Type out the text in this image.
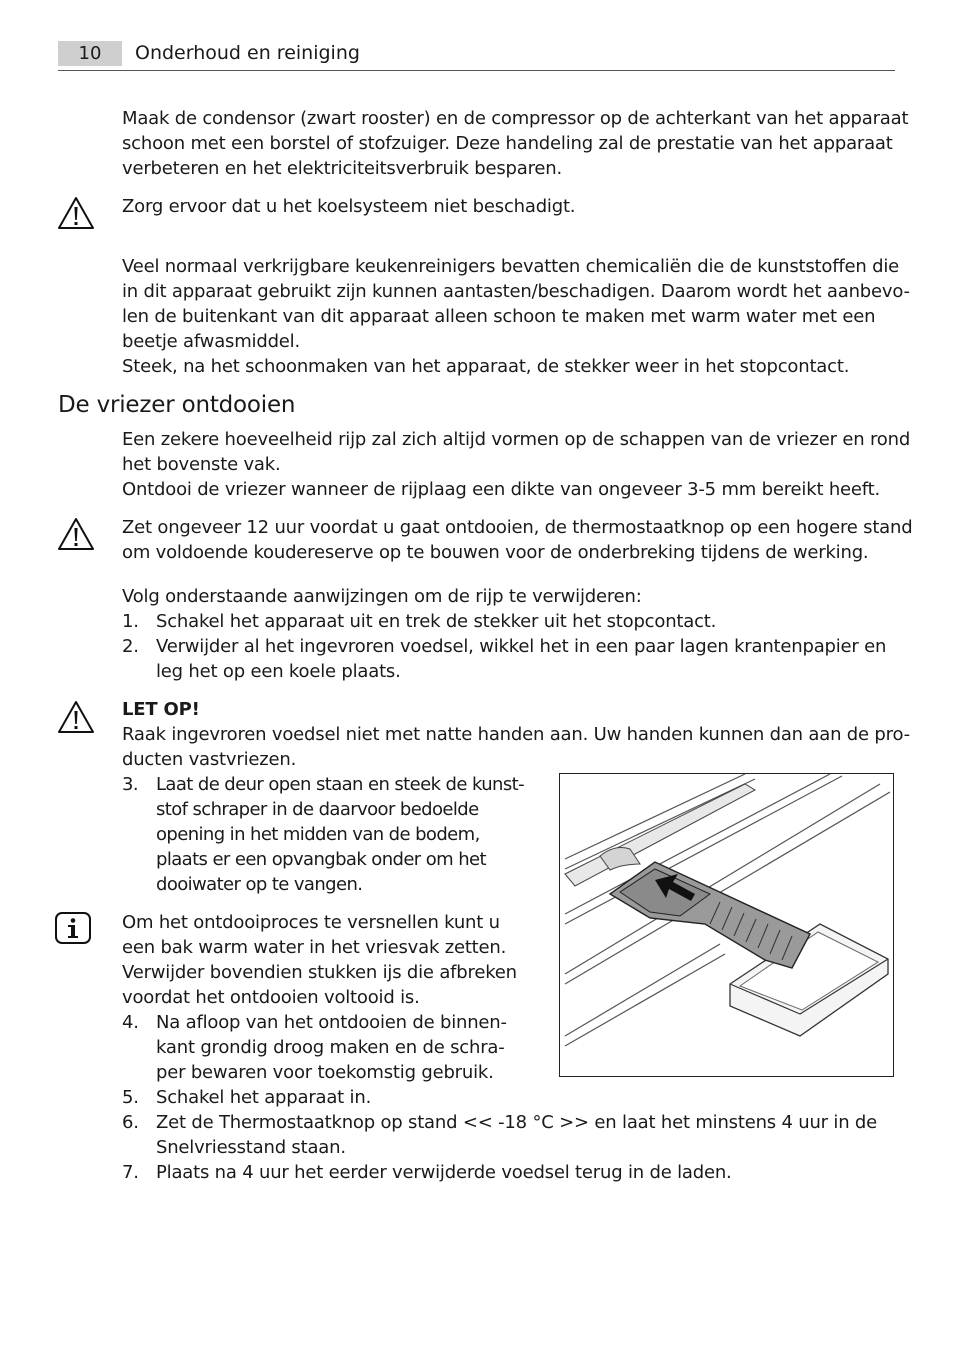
10	Onderhoud en reiniging
Maak de condensor (zwart rooster) en de compressor op de achterkant van het apparaat
schoon met een borstel of stofzuiger. Deze handeling zal de prestatie van het apparaat
verbeteren en het elektriciteitsverbruik besparen.
Zorg ervoor dat u het koelsysteem niet beschadigt.
Veel normaal verkrijgbare keukenreinigers bevatten chemicaliën die de kunststoffen die
in dit apparaat gebruikt zijn kunnen aantasten/beschadigen. Daarom wordt het aanbevo-
len de buitenkant van dit apparaat alleen schoon te maken met warm water met een
beetje afwasmiddel.
Steek, na het schoonmaken van het apparaat, de stekker weer in het stopcontact.
De vriezer ontdooien
Een zekere hoeveelheid rijp zal zich altijd vormen op de schappen van de vriezer en rond
het bovenste vak.
Ontdooi de vriezer wanneer de rijplaag een dikte van ongeveer 3-5 mm bereikt heeft.
Zet ongeveer 12 uur voordat u gaat ontdooien, de thermostaatknop op een hogere stand
om voldoende koudereserve op te bouwen voor de onderbreking tijdens de werking.
Volg onderstaande aanwijzingen om de rijp te verwijderen:
1. Schakel het apparaat uit en trek de stekker uit het stopcontact.
2. Verwijder al het ingevroren voedsel, wikkel het in een paar lagen krantenpapier en
leg het op een koele plaats.
LET OP!
Raak ingevroren voedsel niet met natte handen aan. Uw handen kunnen dan aan de pro-
ducten vastvriezen.
3. Laat de deur open staan en steek de kunst-
stof schraper in de daarvoor bedoelde
opening in het midden van de bodem,
plaats er een opvangbak onder om het
dooiwater op te vangen.
Om het ontdooiproces te versnellen kunt u
een bak warm water in het vriesvak zetten.
Verwijder bovendien stukken ijs die afbreken
voordat het ontdooien voltooid is.
4. Na afloop van het ontdooien de binnen-
kant grondig droog maken en de schra-
per bewaren voor toekomstig gebruik.
5. Schakel het apparaat in.
6. Zet de Thermostaatknop op stand << -18 °C >> en laat het minstens 4 uur in de
Snelvriesstand staan.
7. Plaats na 4 uur het eerder verwijderde voedsel terug in de laden.
